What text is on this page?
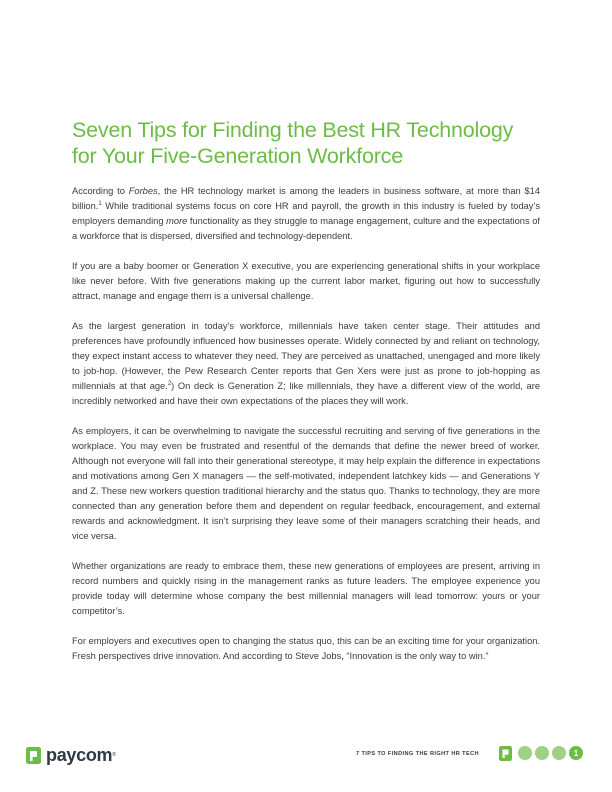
Seven Tips for Finding the Best HR Technology
for Your Five-Generation Workforce

According to Forbes, the HR technology market is among the leaders in business software, at more than $14 billion.$^1$ While traditional systems focus on core HR and payroll, the growth in this industry is fueled by today’s employers demanding more functionality as they struggle to manage engagement, culture and the expectations of a workforce that is dispersed, diversified and technology-dependent.

If you are a baby boomer or Generation X executive, you are experiencing generational shifts in your workplace like never before. With five generations making up the current labor market, figuring out how to successfully attract, manage and engage them is a universal challenge.

As the largest generation in today’s workforce, millennials have taken center stage. Their attitudes and preferences have profoundly influenced how businesses operate. Widely connected by and reliant on technology, they expect instant access to whatever they need. They are perceived as unattached, unengaged and more likely to job-hop. (However, the Pew Research Center reports that Gen Xers were just as prone to job-hopping as millennials at that age.$^2$) On deck is Generation Z; like millennials, they have a different view of the world, are incredibly networked and have their own expectations of the places they will work.

As employers, it can be overwhelming to navigate the successful recruiting and serving of five generations in the workplace. You may even be frustrated and resentful of the demands that define the newer breed of worker. Although not everyone will fall into their generational stereotype, it may help explain the difference in expectations and motivations among Gen X managers — the self-motivated, independent latchkey kids — and Generations Y and Z. These new workers question traditional hierarchy and the status quo. Thanks to technology, they are more connected than any generation before them and dependent on regular feedback, encouragement, and external rewards and acknowledgment. It isn’t surprising they leave some of their managers scratching their heads, and vice versa.

Whether organizations are ready to embrace them, these new generations of employees are present, arriving in record numbers and quickly rising in the management ranks as future leaders. The employee experience you provide today will determine whose company the best millennial managers will lead tomorrow: yours or your competitor’s.

For employers and executives open to changing the status quo, this can be an exciting time for your organization. Fresh perspectives drive innovation. And according to Steve Jobs, “Innovation is the only way to win.”

paycom ®	7 TIPS TO FINDING THE RIGHT HR TECH	1
